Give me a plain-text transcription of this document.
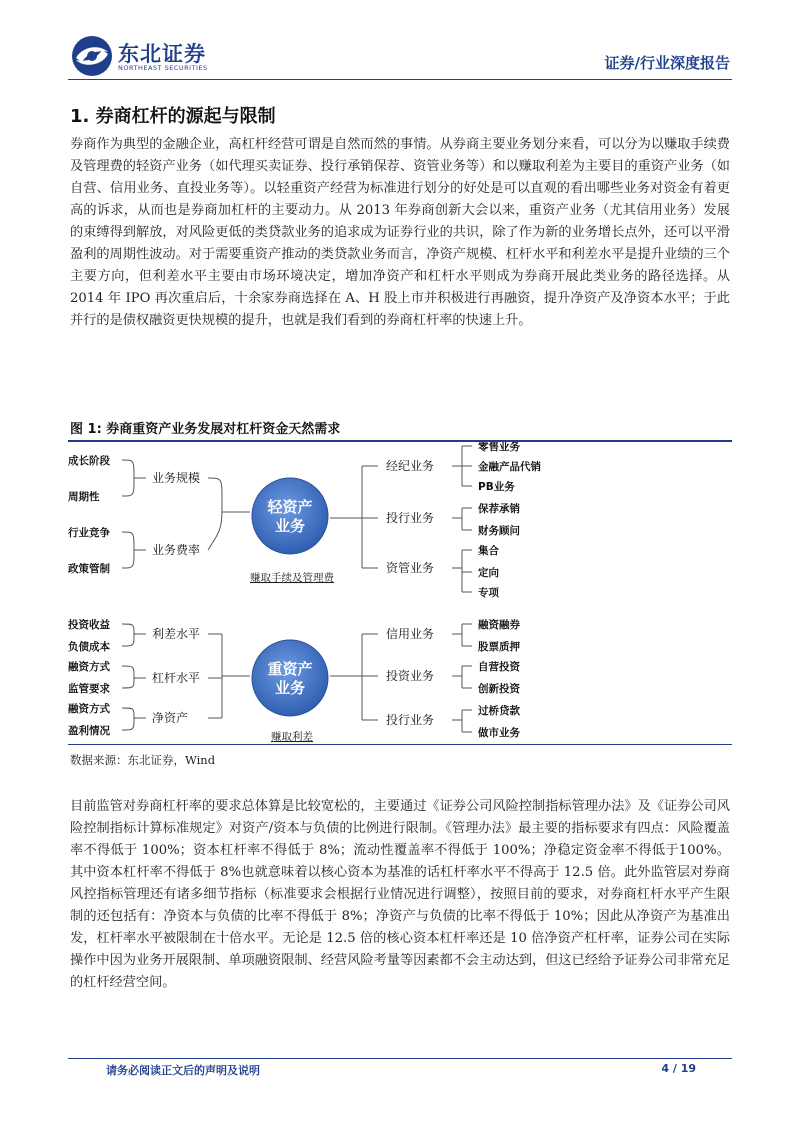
东北证券
NORTHEAST SECURITIES	证券/行业深度报告
1. 券商杠杆的源起与限制

券商作为典型的金融企业，高杠杆经营可谓是自然而然的事情。从券商主要业务划分来看，可以分为以赚取手续费及管理费的轻资产业务（如代理买卖证券、投行承销保荐、资管业务等）和以赚取利差为主要目的重资产业务（如自营、信用业务、直投业务等）。以轻重资产经营为标准进行划分的好处是可以直观的看出哪些业务对资金有着更高的诉求，从而也是券商加杠杆的主要动力。从 2013 年券商创新大会以来，重资产业务（尤其信用业务）发展的束缚得到解放，对风险更低的类贷款业务的追求成为证券行业的共识，除了作为新的业务增长点外，还可以平滑盈利的周期性波动。对于需要重资产推动的类贷款业务而言，净资产规模、杠杆水平和利差水平是提升业绩的三个主要方向，但利差水平主要由市场环境决定，增加净资产和杠杆水平则成为券商开展此类业务的路径选择。从 2014 年 IPO 再次重启后，十余家券商选择在 A、H 股上市并积极进行再融资，提升净资产及净资本水平；于此并行的是债权融资更快规模的提升，也就是我们看到的券商杠杆率的快速上升。

图 1: 券商重资产业务发展对杠杆资金天然需求
轻资产
业务
赚取手续及管理费
重资产
业务
赚取利差
成长阶段
周期性
行业竞争
政策管制
业务规模
业务费率
经纪业务
投行业务
资管业务
零售业务
金融产品代销
PB业务
保荐承销
财务顾问
集合
定向
专项
投资收益
负债成本
融资方式
监管要求
融资方式
盈利情况
利差水平
杠杆水平
净资产
信用业务
投资业务
投行业务
融资融券
股票质押
自营投资
创新投资
过桥贷款
做市业务
数据来源：东北证券，Wind

目前监管对券商杠杆率的要求总体算是比较宽松的，主要通过《证券公司风险控制指标管理办法》及《证券公司风险控制指标计算标准规定》对资产/资本与负债的比例进行限制。《管理办法》最主要的指标要求有四点：风险覆盖率不得低于 100%；资本杠杆率不得低于 8%；流动性覆盖率不得低于 100%；净稳定资金率不得低于100%。其中资本杠杆率不得低于 8%也就意味着以核心资本为基准的话杠杆率水平不得高于 12.5 倍。此外监管层对券商风控指标管理还有诸多细节指标（标准要求会根据行业情况进行调整），按照目前的要求，对券商杠杆水平产生限制的还包括有：净资本与负债的比率不得低于 8%；净资产与负债的比率不得低于 10%；因此从净资产为基准出发，杠杆率水平被限制在十倍水平。无论是 12.5 倍的核心资本杠杆率还是 10 倍净资产杠杆率，证券公司在实际操作中因为业务开展限制、单项融资限制、经营风险考量等因素都不会主动达到，但这已经给予证券公司非常充足的杠杆经营空间。

请务必阅读正文后的声明及说明	4 / 19
